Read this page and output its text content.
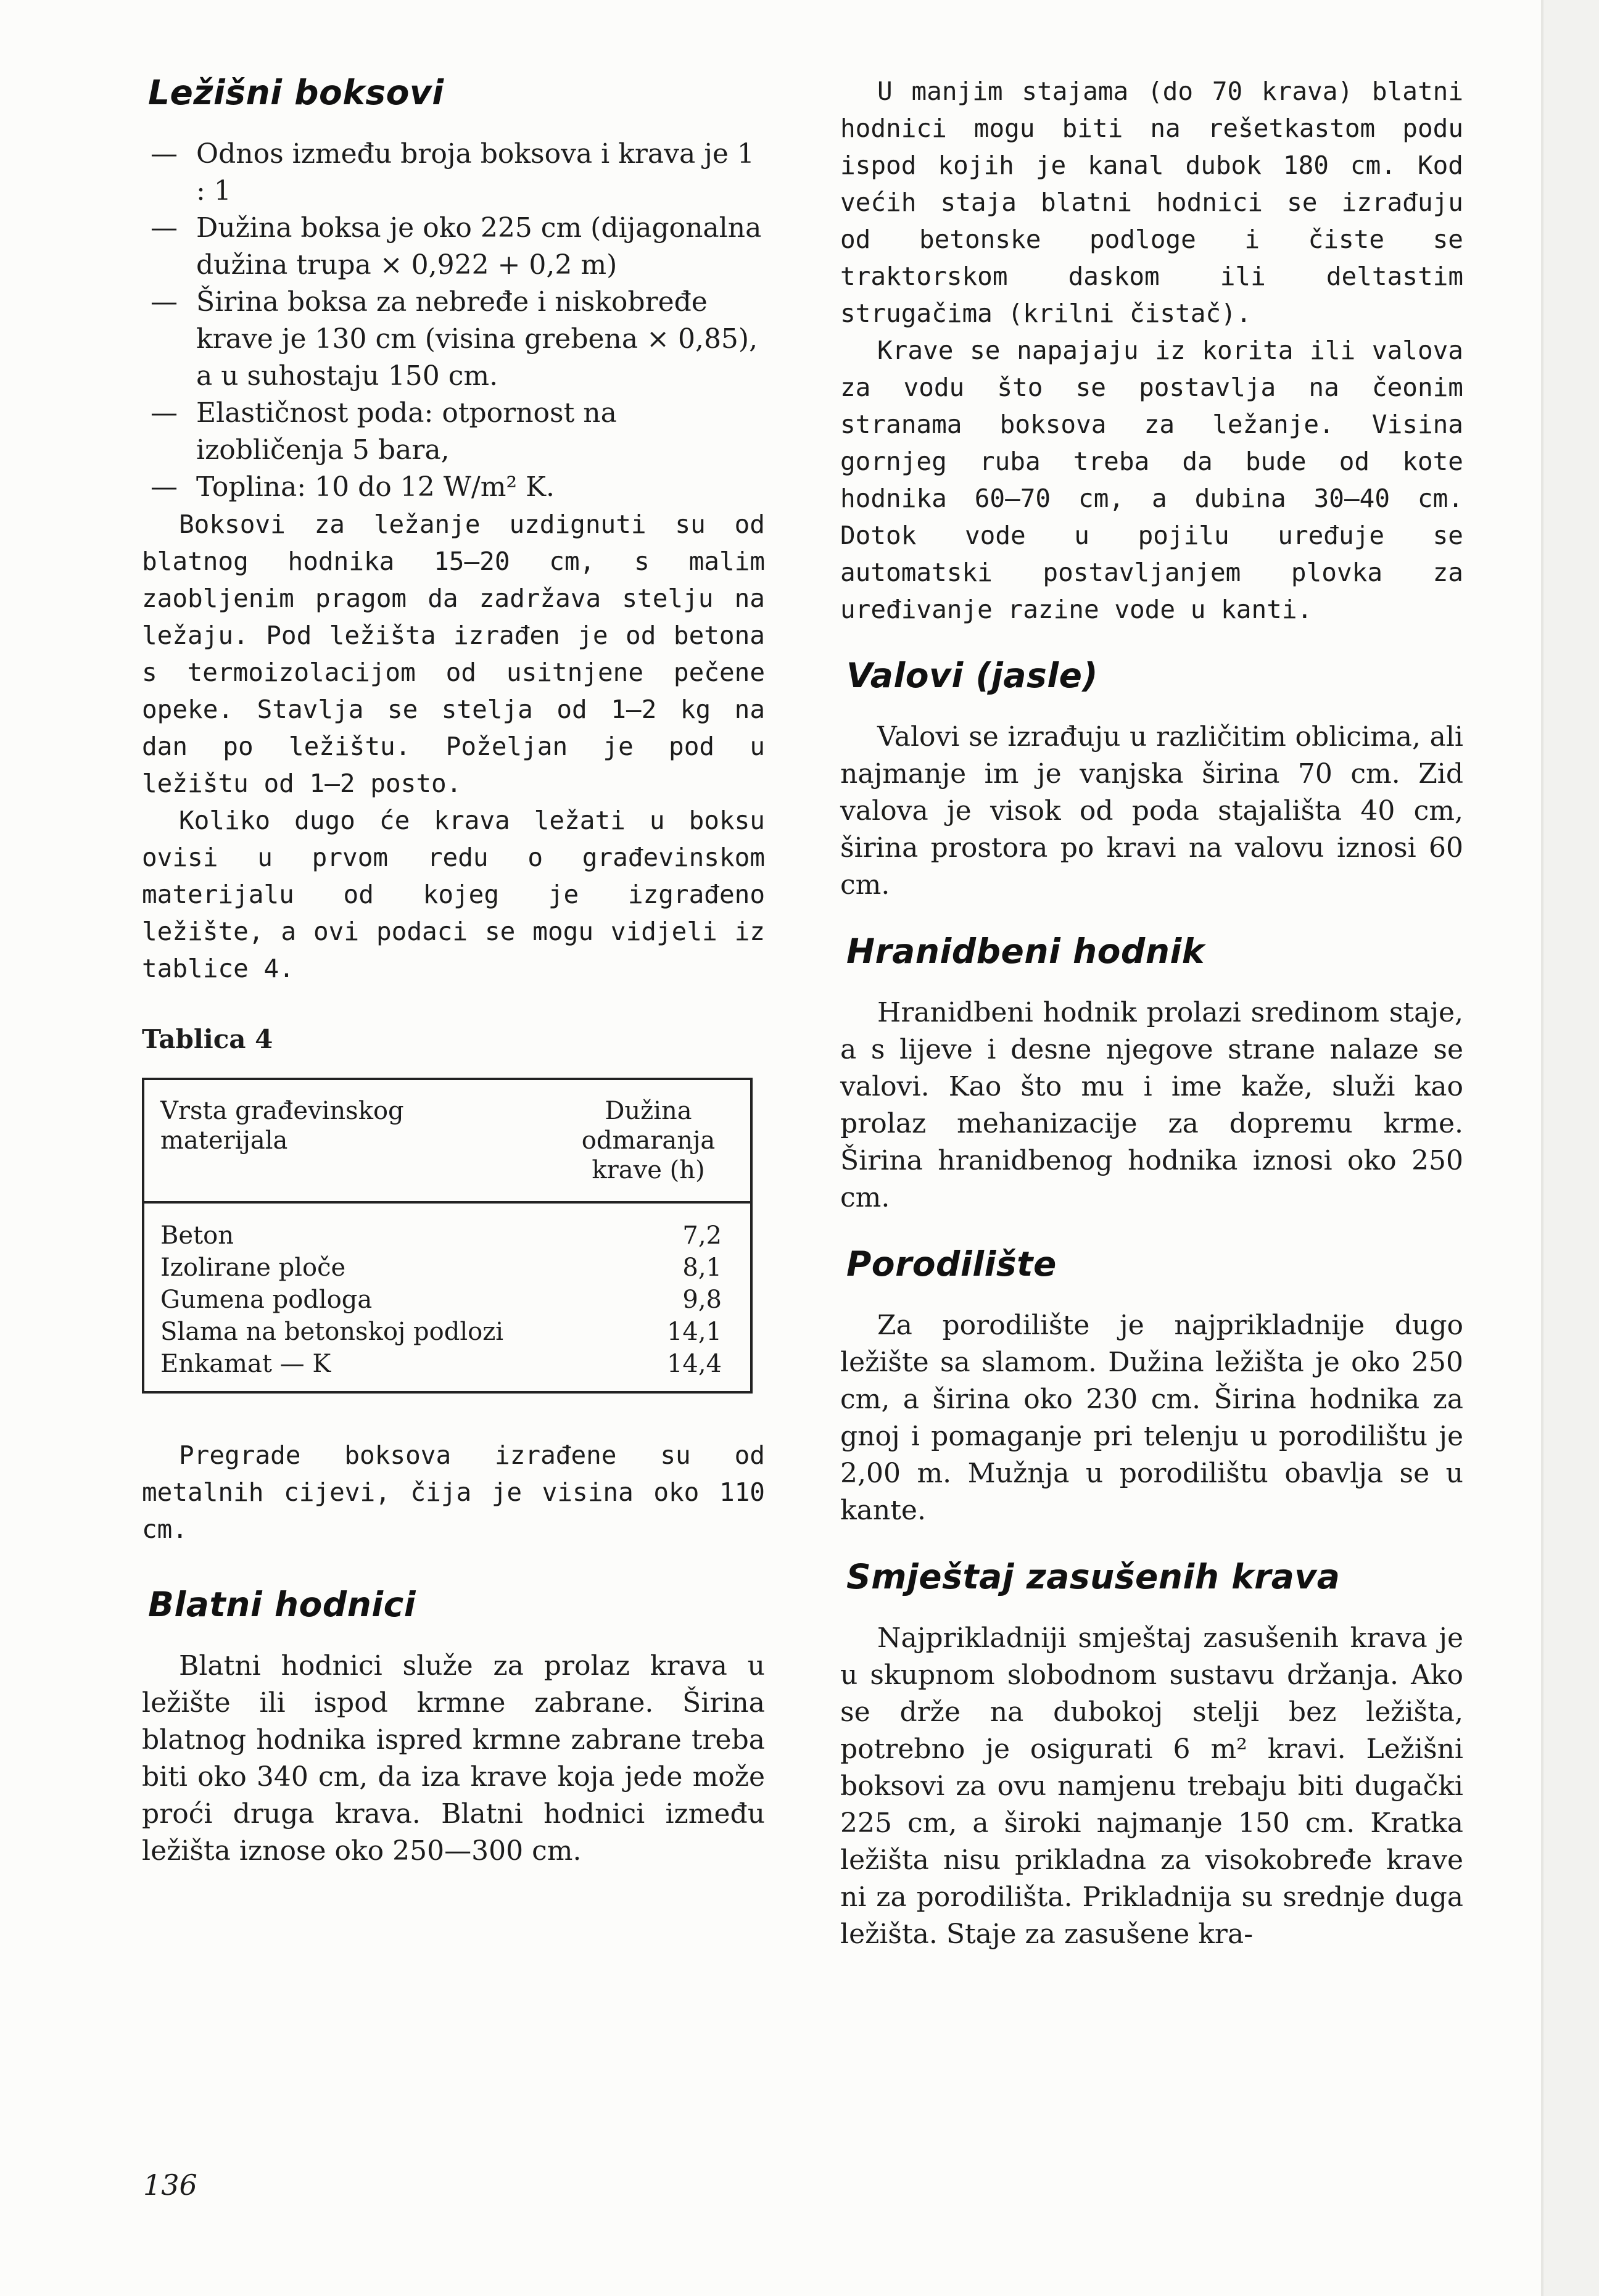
Ležišni boksovi

— Odnos između broja boksova i krava je 1 : 1

— Dužina boksa je oko 225 cm (dijagonalna dužina trupa × 0,922 + 0,2 m)

— Širina boksa za nebređe i niskobređe krave je 130 cm (visina grebena × 0,85), a u suhostaju 150 cm.

— Elastičnost poda: otpornost na izobličenja 5 bara,

— Toplina: 10 do 12 W/m² K.

Boksovi za ležanje uzdignuti su od blatnog hodnika 15—20 cm, s malim zaobljenim pragom da zadržava stelju na ležaju. Pod ležišta izrađen je od betona s termoizolacijom od usitnjene pečene opeke. Stavlja se stelja od 1—2 kg na dan po ležištu. Poželjan je pod u ležištu od 1—2 posto.

Koliko dugo će krava ležati u boksu ovisi u prvom redu o građevinskom materijalu od kojeg je izgrađeno ležište, a ovi podaci se mogu vidjeli iz tablice 4.

Tablica 4

Vrsta građevinskog materijala	Dužina odmaranja krave (h)
Beton	7,2
Izolirane ploče	8,1
Gumena podloga	9,8
Slama na betonskoj podlozi	14,1
Enkamat — K	14,4

Pregrade boksova izrađene su od metalnih cijevi, čija je visina oko 110 cm.

Blatni hodnici

Blatni hodnici služe za prolaz krava u ležište ili ispod krmne zabrane. Širina blatnog hodnika ispred krmne zabrane treba biti oko 340 cm, da iza krave koja jede može proći druga krava. Blatni hodnici između ležišta iznose oko 250—300 cm.

U manjim stajama (do 70 krava) blatni hodnici mogu biti na rešetkastom podu ispod kojih je kanal dubok 180 cm. Kod većih staja blatni hodnici se izrađuju od betonske podloge i čiste se traktorskom daskom ili deltastim strugačima (krilni čistač).

Krave se napajaju iz korita ili valova za vodu što se postavlja na čeonim stranama boksova za ležanje. Visina gornjeg ruba treba da bude od kote hodnika 60—70 cm, a dubina 30—40 cm. Dotok vode u pojilu uređuje se automatski postavljanjem plovka za uređivanje razine vode u kanti.

Valovi (jasle)

Valovi se izrađuju u različitim oblicima, ali najmanje im je vanjska širina 70 cm. Zid valova je visok od poda stajališta 40 cm, širina prostora po kravi na valovu iznosi 60 cm.

Hranidbeni hodnik

Hranidbeni hodnik prolazi sredinom staje, a s lijeve i desne njegove strane nalaze se valovi. Kao što mu i ime kaže, služi kao prolaz mehanizacije za dopremu krme. Širina hranidbenog hodnika iznosi oko 250 cm.

Porodilište

Za porodilište je najprikladnije dugo ležište sa slamom. Dužina ležišta je oko 250 cm, a širina oko 230 cm. Širina hodnika za gnoj i pomaganje pri telenju u porodilištu je 2,00 m. Mužnja u porodilištu obavlja se u kante.

Smještaj zasušenih krava

Najprikladniji smještaj zasušenih krava je u skupnom slobodnom sustavu držanja. Ako se drže na dubokoj stelji bez ležišta, potrebno je osigurati 6 m² kravi. Ležišni boksovi za ovu namjenu trebaju biti dugački 225 cm, a široki najmanje 150 cm. Kratka ležišta nisu prikladna za visokobređe krave ni za porodilišta. Prikladnija su srednje duga ležišta. Staje za zasušene kra-

136
